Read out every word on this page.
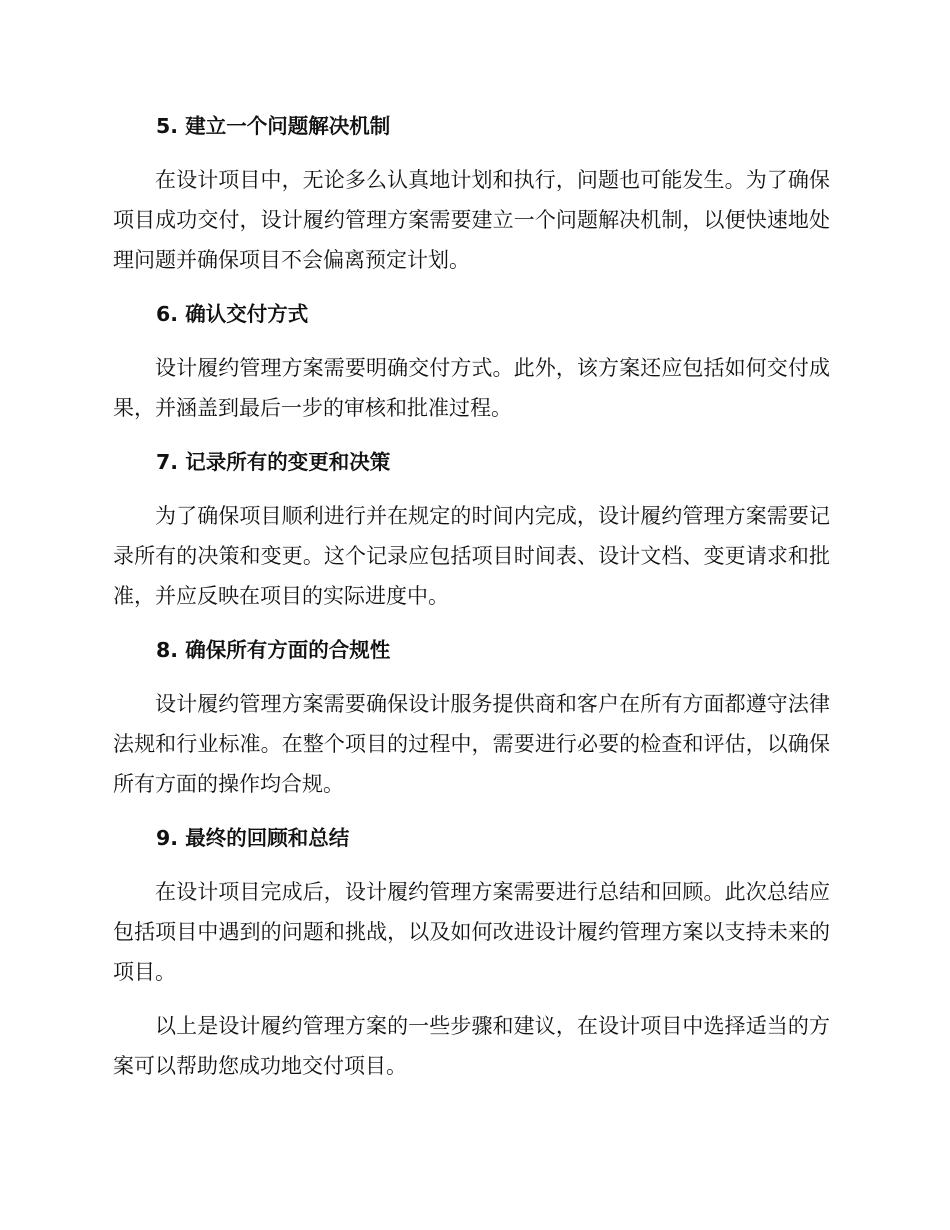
5. 建立一个问题解决机制

在设计项目中，无论多么认真地计划和执行，问题也可能发生。为了确保项目成功交付，设计履约管理方案需要建立一个问题解决机制，以便快速地处理问题并确保项目不会偏离预定计划。

6. 确认交付方式

设计履约管理方案需要明确交付方式。此外，该方案还应包括如何交付成果，并涵盖到最后一步的审核和批准过程。

7. 记录所有的变更和决策

为了确保项目顺利进行并在规定的时间内完成，设计履约管理方案需要记录所有的决策和变更。这个记录应包括项目时间表、设计文档、变更请求和批准，并应反映在项目的实际进度中。

8. 确保所有方面的合规性

设计履约管理方案需要确保设计服务提供商和客户在所有方面都遵守法律法规和行业标准。在整个项目的过程中，需要进行必要的检查和评估，以确保所有方面的操作均合规。

9. 最终的回顾和总结

在设计项目完成后，设计履约管理方案需要进行总结和回顾。此次总结应包括项目中遇到的问题和挑战，以及如何改进设计履约管理方案以支持未来的项目。

以上是设计履约管理方案的一些步骤和建议，在设计项目中选择适当的方案可以帮助您成功地交付项目。
